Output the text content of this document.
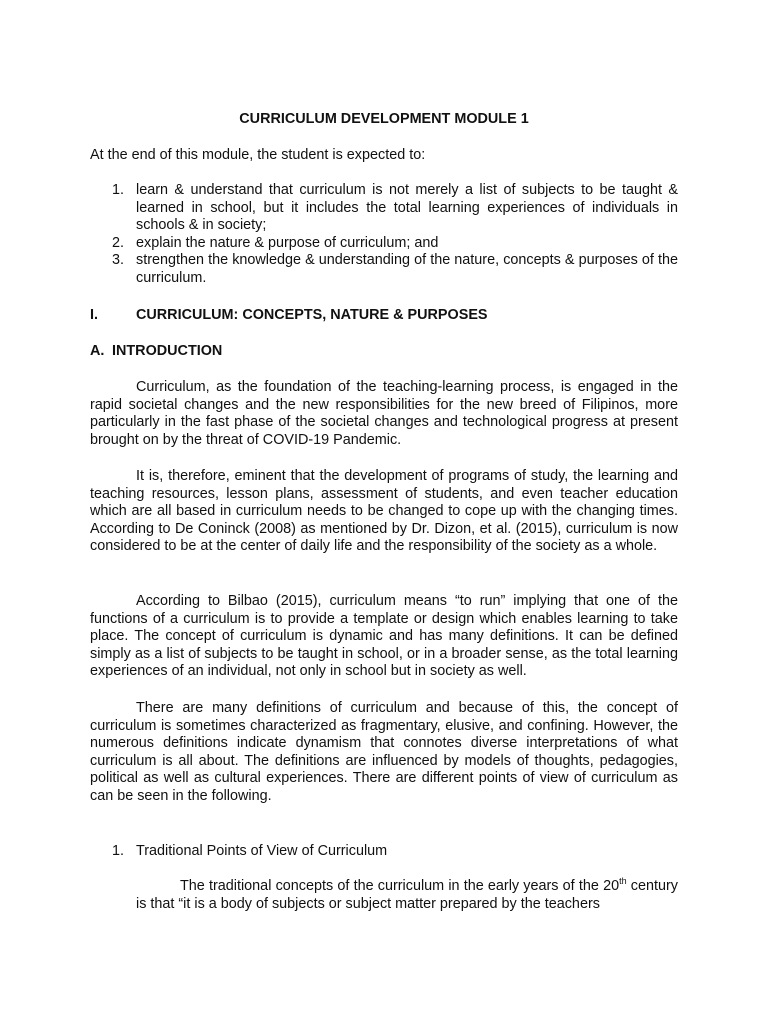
CURRICULUM DEVELOPMENT MODULE 1

At the end of this module, the student is expected to:

1. learn & understand that curriculum is not merely a list of subjects to be taught & learned in school, but it includes the total learning experiences of individuals in schools & in society;
2. explain the nature & purpose of curriculum; and
3. strengthen the knowledge & understanding of the nature, concepts & purposes of the curriculum.
I.	CURRICULUM: CONCEPTS, NATURE & PURPOSES
A. INTRODUCTION

Curriculum, as the foundation of the teaching-learning process, is engaged in the rapid societal changes and the new responsibilities for the new breed of Filipinos, more particularly in the fast phase of the societal changes and technological progress at present brought on by the threat of COVID-19 Pandemic.

It is, therefore, eminent that the development of programs of study, the learning and teaching resources, lesson plans, assessment of students, and even teacher education which are all based in curriculum needs to be changed to cope up with the changing times. According to De Coninck (2008) as mentioned by Dr. Dizon, et al. (2015), curriculum is now considered to be at the center of daily life and the responsibility of the society as a whole.

According to Bilbao (2015), curriculum means “to run” implying that one of the functions of a curriculum is to provide a template or design which enables learning to take place. The concept of curriculum is dynamic and has many definitions. It can be defined simply as a list of subjects to be taught in school, or in a broader sense, as the total learning experiences of an individual, not only in school but in society as well.

There are many definitions of curriculum and because of this, the concept of curriculum is sometimes characterized as fragmentary, elusive, and confining. However, the numerous definitions indicate dynamism that connotes diverse interpretations of what curriculum is all about. The definitions are influenced by models of thoughts, pedagogies, political as well as cultural experiences. There are different points of view of curriculum as can be seen in the following.

1. Traditional Points of View of Curriculum

The traditional concepts of the curriculum in the early years of the 20th century is that “it is a body of subjects or subject matter prepared by the teachers
